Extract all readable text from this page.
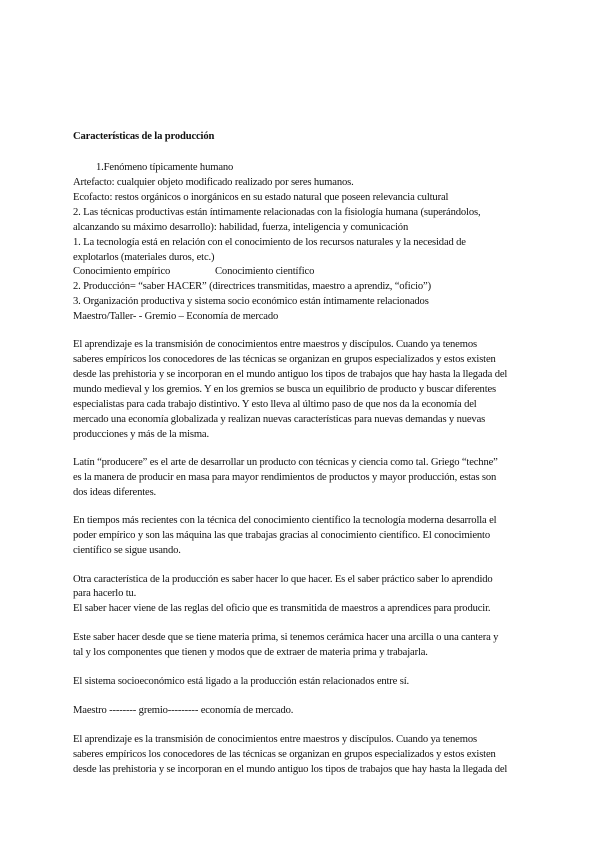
Características de la producción
1.Fenómeno típicamente humano
Artefacto: cualquier objeto modificado realizado por seres humanos.
Ecofacto: restos orgánicos o inorgánicos en su estado natural que poseen relevancia cultural
2. Las técnicas productivas están íntimamente relacionadas con la fisiología humana (superándolos,
alcanzando su máximo desarrollo): habilidad, fuerza, inteligencia y comunicación
1. La tecnología está en relación con el conocimiento de los recursos naturales y la necesidad de
explotarlos (materiales duros, etc.)
Conocimiento empírico	Conocimiento científico
2. Producción= “saber HACER” (directrices transmitidas, maestro a aprendiz, “oficio”)
3. Organización productiva y sistema socio económico están íntimamente relacionados
Maestro/Taller- - Gremio – Economía de mercado
El aprendizaje es la transmisión de conocimientos entre maestros y discípulos. Cuando ya tenemos
saberes empíricos los conocedores de las técnicas se organizan en grupos especializados y estos existen
desde las prehistoria y se incorporan en el mundo antiguo los tipos de trabajos que hay hasta la llegada del
mundo medieval y los gremios. Y en los gremios se busca un equilibrio de producto y buscar diferentes
especialistas para cada trabajo distintivo. Y esto lleva al último paso de que nos da la economía del
mercado una economía globalizada y realizan nuevas características para nuevas demandas y nuevas
producciones y más de la misma.
Latín “producere” es el arte de desarrollar un producto con técnicas y ciencia como tal. Griego “techne”
es la manera de producir en masa para mayor rendimientos de productos y mayor producción, estas son
dos ideas diferentes.
En tiempos más recientes con la técnica del conocimiento científico la tecnología moderna desarrolla el
poder empírico y son las máquina las que trabajas gracias al conocimiento científico. El conocimiento
científico se sigue usando.
Otra característica de la producción es saber hacer lo que hacer. Es el saber práctico saber lo aprendido
para hacerlo tu.
El saber hacer viene de las reglas del oficio que es transmitida de maestros a aprendices para producir.
Este saber hacer desde que se tiene materia prima, si tenemos cerámica hacer una arcilla o una cantera y
tal y los componentes que tienen y modos que de extraer de materia prima y trabajarla.
El sistema socioeconómico está ligado a la producción están relacionados entre sí.
Maestro -------- gremio--------- economía de mercado.
El aprendizaje es la transmisión de conocimientos entre maestros y discípulos. Cuando ya tenemos
saberes empíricos los conocedores de las técnicas se organizan en grupos especializados y estos existen
desde las prehistoria y se incorporan en el mundo antiguo los tipos de trabajos que hay hasta la llegada del
